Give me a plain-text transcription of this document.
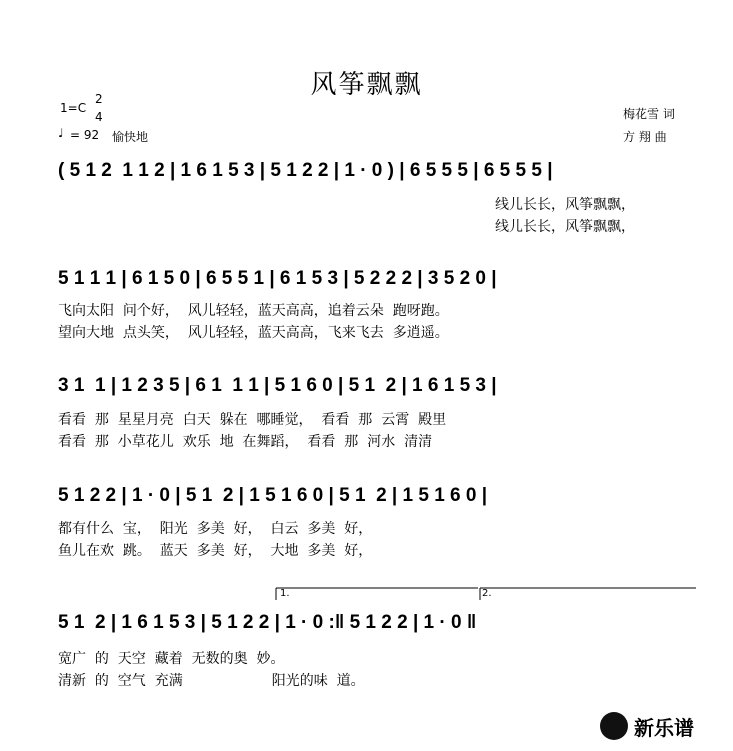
风筝飘飘
1=C
2
4
♩ = 92 愉快地
梅花雪 词
方 翔 曲
( 5 1 2  1 1 2 | 1 6 1 5 3 | 5 1 2 2 | 1 · 0 ) | 6 5 5 5 | 6 5 5 5 |
线儿长长，风筝飘飘，
线儿长长，风筝飘飘，
5 1 1 1 | 6 1 5 0 | 6 5 5 1 | 6 1 5 3 | 5 2 2 2 | 3 5 2 0 |
飞向太阳  问个好，  风儿轻轻，蓝天高高，追着云朵  跑呀跑。
望向大地  点头笑，  风儿轻轻，蓝天高高，飞来飞去  多逍遥。
3 1  1 | 1 2 3 5 | 6 1  1 1 | 5 1 6 0 | 5 1  2 | 1 6 1 5 3 |
看看  那  星星月亮  白天  躲在  哪睡觉，  看看  那  云霄  殿里
看看  那  小草花儿  欢乐  地  在舞蹈，  看看  那  河水  清清
5 1 2 2 | 1 · 0 | 5 1  2 | 1 5 1 6 0 | 5 1  2 | 1 5 1 6 0 |
都有什么  宝，  阳光  多美  好，  白云  多美  好，
鱼儿在欢  跳。  蓝天  多美  好，  大地  多美  好，
1.	2.
5 1  2 | 1 6 1 5 3 | 5 1 2 2 | 1 · 0 :‖ 5 1 2 2 | 1 · 0 ‖
宽广  的  天空  藏着  无数的奥  妙。
清新  的  空气  充满                    阳光的味  道。
新乐谱
